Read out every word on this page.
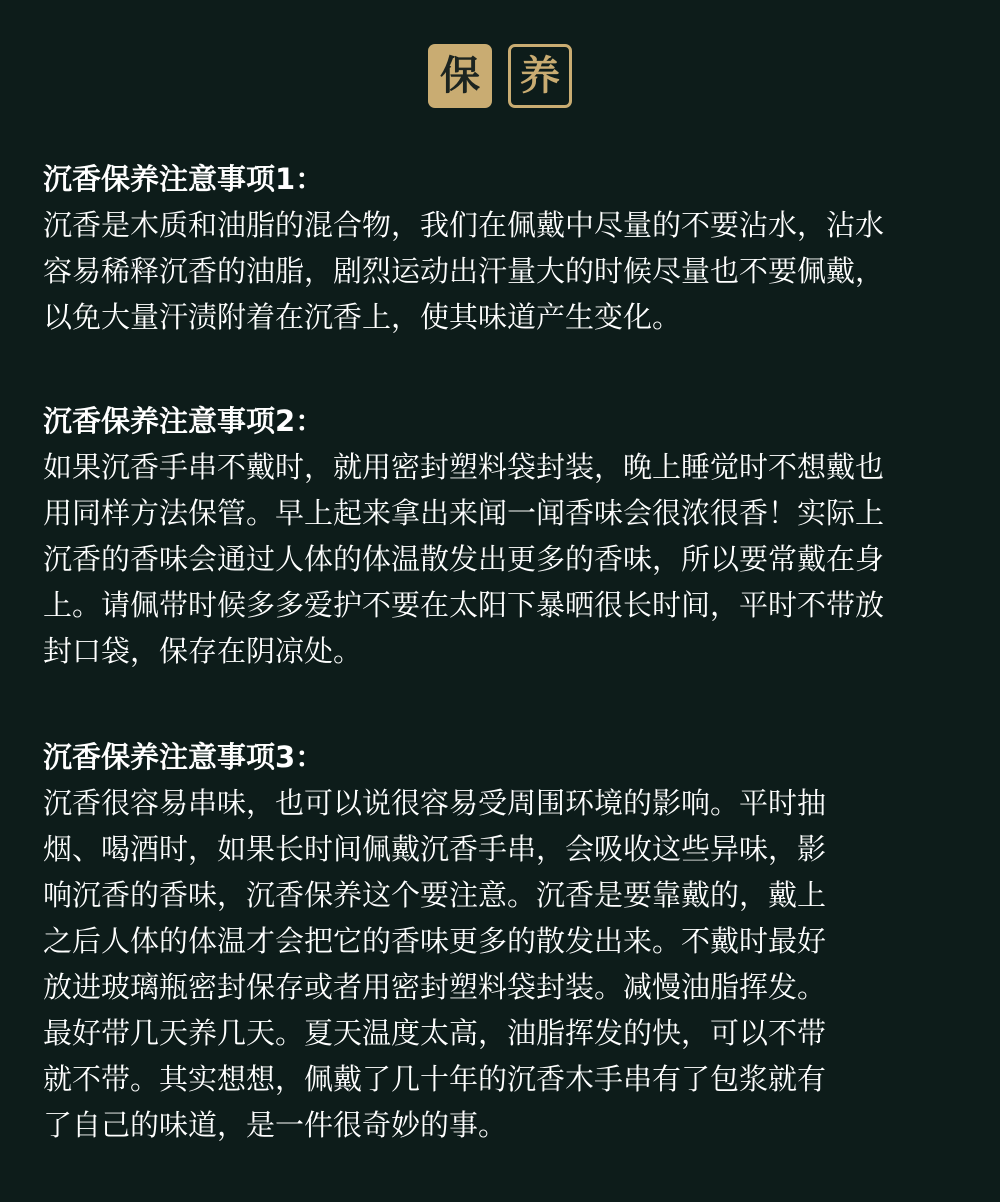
保	养

沉香保养注意事项1：

沉香是木质和油脂的混合物，我们在佩戴中尽量的不要沾水，沾水

容易稀释沉香的油脂，剧烈运动出汗量大的时候尽量也不要佩戴，

以免大量汗渍附着在沉香上，使其味道产生变化。

沉香保养注意事项2：

如果沉香手串不戴时，就用密封塑料袋封装，晚上睡觉时不想戴也

用同样方法保管。早上起来拿出来闻一闻香味会很浓很香！实际上

沉香的香味会通过人体的体温散发出更多的香味，所以要常戴在身

上。请佩带时候多多爱护不要在太阳下暴晒很长时间，平时不带放

封口袋，保存在阴凉处。

沉香保养注意事项3：

沉香很容易串味，也可以说很容易受周围环境的影响。平时抽

烟、喝酒时，如果长时间佩戴沉香手串，会吸收这些异味，影

响沉香的香味，沉香保养这个要注意。沉香是要靠戴的，戴上

之后人体的体温才会把它的香味更多的散发出来。不戴时最好

放进玻璃瓶密封保存或者用密封塑料袋封装。减慢油脂挥发。

最好带几天养几天。夏天温度太高，油脂挥发的快，可以不带

就不带。其实想想，佩戴了几十年的沉香木手串有了包浆就有

了自己的味道，是一件很奇妙的事。
